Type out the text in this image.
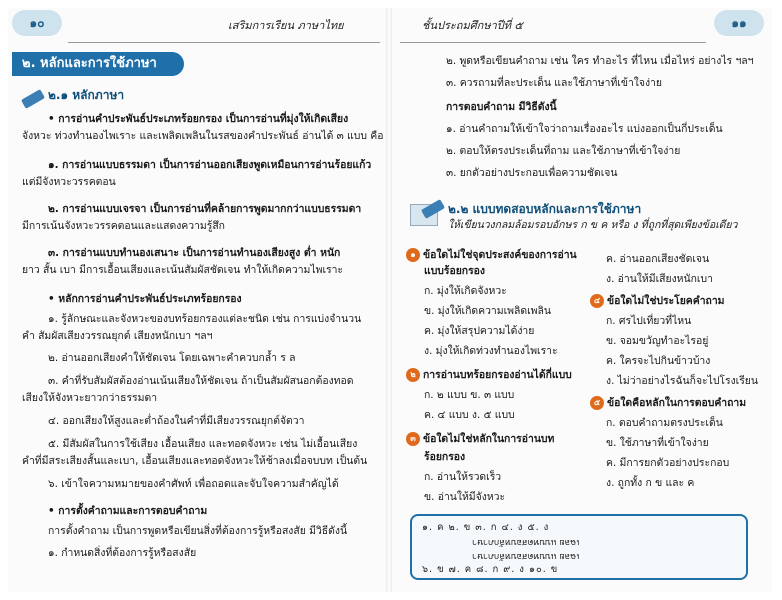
๑๐	เสริมการเรียน ภาษาไทย
๒. หลักและการใช้ภาษา
๒.๑ หลักภาษา
• การอ่านคำประพันธ์ประเภทร้อยกรอง เป็นการอ่านที่มุ่งให้เกิดเสียง
จังหวะ ท่วงทำนองไพเราะ และเพลิดเพลินในรสของคำประพันธ์ อ่านได้ ๓ แบบ คือ
๑. การอ่านแบบธรรมดา เป็นการอ่านออกเสียงพูดเหมือนการอ่านร้อยแก้ว
แต่มีจังหวะวรรคตอน
๒. การอ่านแบบเจรจา เป็นการอ่านที่คล้ายการพูดมากกว่าแบบธรรมดา
มีการเน้นจังหวะวรรคตอนและแสดงความรู้สึก
๓. การอ่านแบบทำนองเสนาะ เป็นการอ่านทำนองเสียงสูง ต่ำ หนัก
ยาว สั้น เบา มีการเอื้อนเสียงและเน้นสัมผัสชัดเจน ทำให้เกิดความไพเราะ
• หลักการอ่านคำประพันธ์ประเภทร้อยกรอง
๑. รู้ลักษณะและจังหวะของบทร้อยกรองแต่ละชนิด เช่น การแบ่งจำนวน
คำ สัมผัสเสียงวรรณยุกต์ เสียงหนักเบา ฯลฯ
๒. อ่านออกเสียงคำให้ชัดเจน โดยเฉพาะคำควบกล้ำ ร ล
๓. คำที่รับสัมผัสต้องอ่านเน้นเสียงให้ชัดเจน ถ้าเป็นสัมผัสนอกต้องทอด
เสียงให้จังหวะยาวกว่าธรรมดา
๔. ออกเสียงให้สูงและต่ำถ้องในคำที่มีเสียงวรรณยุกต์จัตวา
๕. มีสัมผัสในการใช้เสียง เอื้อนเสียง และทอดจังหวะ เช่น ไม่เอื้อนเสียง
คำที่มีสระเสียงสั้นและเบา, เอื้อนเสียงและทอดจังหวะให้ช้าลงเมื่อจบบท เป็นต้น
๖. เข้าใจความหมายของคำศัพท์ เพื่อถอดและจับใจความสำคัญได้
• การตั้งคำถามและการตอบคำถาม
การตั้งคำถาม เป็นการพูดหรือเขียนสิ่งที่ต้องการรู้หรือสงสัย มีวิธีดังนี้
๑. กำหนดสิ่งที่ต้องการรู้หรือสงสัย
ชั้นประถมศึกษาปีที่ ๕	๑๑
๒. พูดหรือเขียนคำถาม เช่น ใคร ทำอะไร ที่ไหน เมื่อไหร่ อย่างไร ฯลฯ
๓. ควรถามที่ละประเด็น และใช้ภาษาที่เข้าใจง่าย
การตอบคำถาม มีวิธีดังนี้
๑. อ่านคำถามให้เข้าใจว่าถามเรื่องอะไร แบ่งออกเป็นกี่ประเด็น
๒. ตอบให้ตรงประเด็นที่ถาม และใช้ภาษาที่เข้าใจง่าย
๓. ยกตัวอย่างประกอบเพื่อความชัดเจน
๒.๒ แบบทดสอบหลักและการใช้ภาษา
ให้เขียนวงกลมล้อมรอบอักษร ก ข ค หรือ ง ที่ถูกที่สุดเพียงข้อเดียว
๑ ข้อใดไม่ใช่จุดประสงค์ของการอ่าน
แบบร้อยกรอง
ก. มุ่งให้เกิดจังหวะ
ข. มุ่งให้เกิดความเพลิดเพลิน
ค. มุ่งให้สรุปความได้ง่าย
ง. มุ่งให้เกิดท่วงทำนองไพเราะ
๒ การอ่านบทร้อยกรองอ่านได้กี่แบบ
ก. ๒ แบบ ข. ๓ แบบ
ค. ๔ แบบ ง. ๕ แบบ
๓ ข้อใดไม่ใช่หลักในการอ่านบท
ร้อยกรอง
ก. อ่านให้รวดเร็ว
ข. อ่านให้มีจังหวะ
ค. อ่านออกเสียงชัดเจน
ง. อ่านให้มีเสียงหนักเบา
๔ ข้อใดไม่ใช่ประโยคคำถาม
ก. ศรไปเที่ยวที่ไหน
ข. จอมขวัญทำอะไรอยู่
ค. ใครจะไปกินข้าวบ้าง
ง. ไม่ว่าอย่างไรฉันก็จะไปโรงเรียน
๕ ข้อใดคือหลักในการตอบคำถาม
ก. ตอบคำถามตรงประเด็น
ข. ใช้ภาษาที่เข้าใจง่าย
ค. มีการยกตัวอย่างประกอบ
ง. ถูกทั้ง ก ข และ ค
๑. ค ๒. ข ๓. ก ๔. ง ๕. ง
เฉลย แบบทดสอบหลักภาษา
เฉลย แบบทดสอบหลักภาษา
๖. ข ๗. ค ๘. ก ๙. ง ๑๐. ข
